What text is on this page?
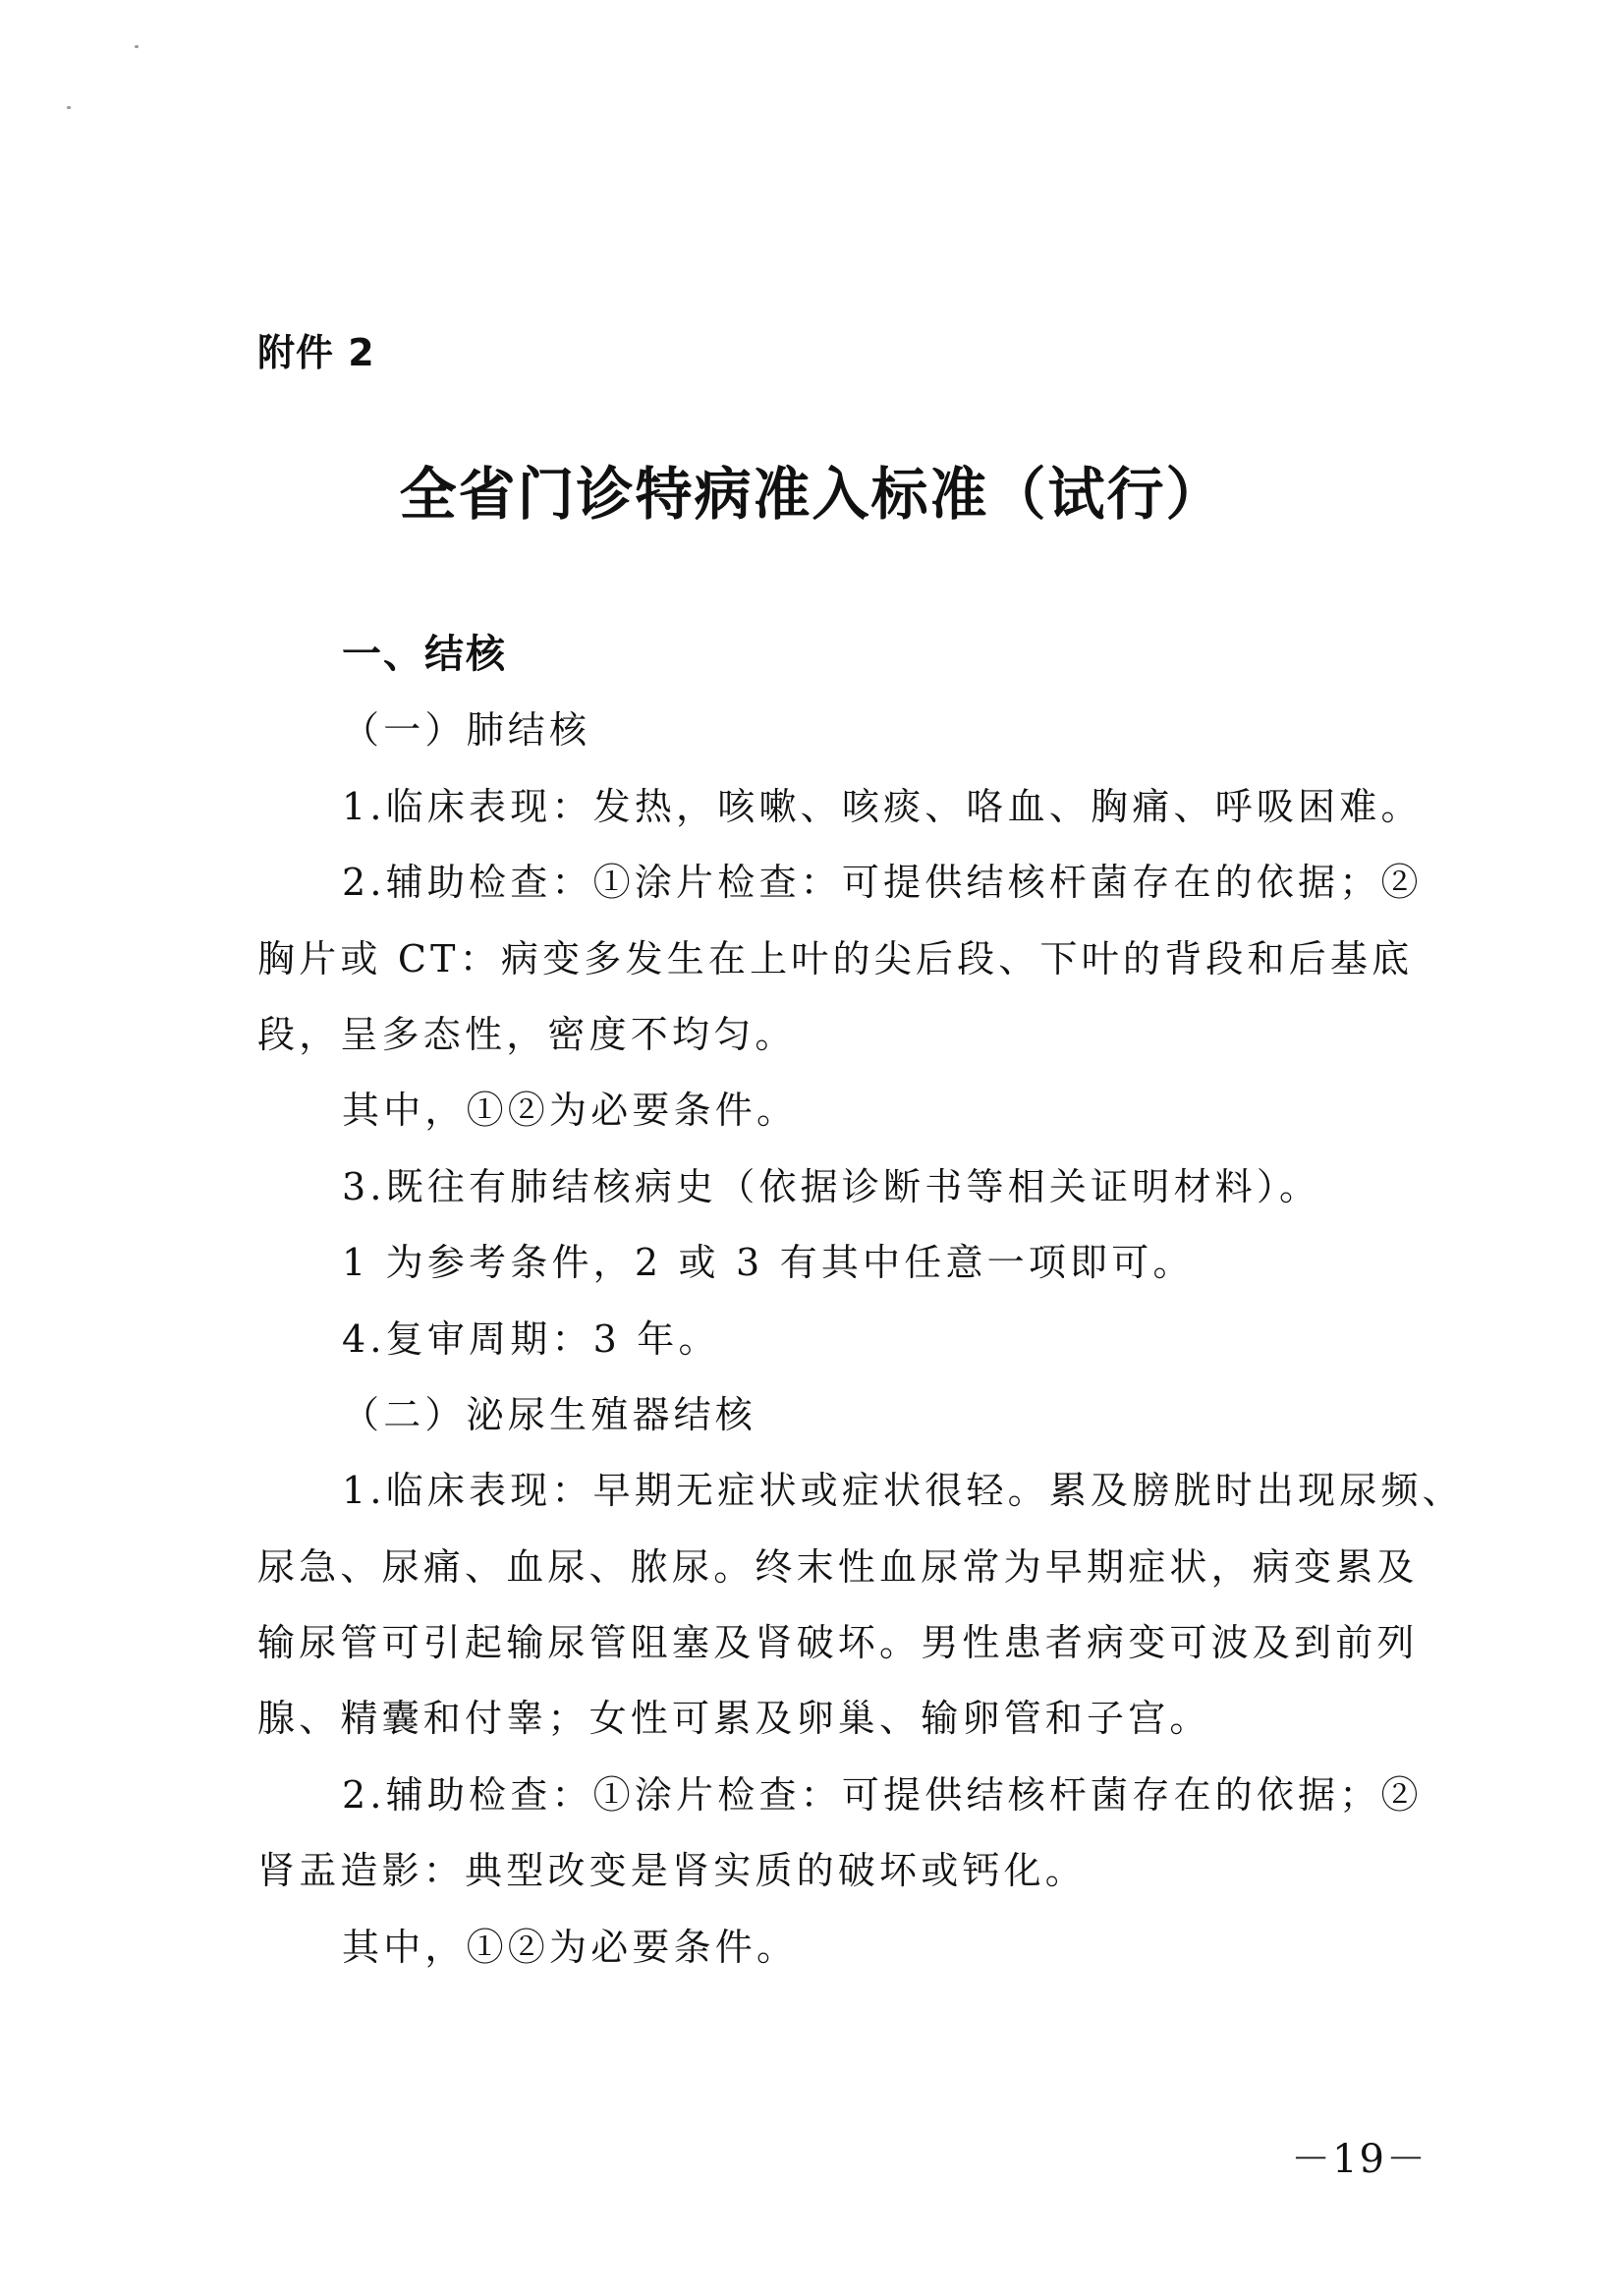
附件 2
全省门诊特病准入标准（试行）
一、结核
（一）肺结核
1.临床表现：发热，咳嗽、咳痰、咯血、胸痛、呼吸困难。
2.辅助检查：①涂片检查：可提供结核杆菌存在的依据；②
胸片或 CT：病变多发生在上叶的尖后段、下叶的背段和后基底
段，呈多态性，密度不均匀。
其中，①②为必要条件。
3.既往有肺结核病史（依据诊断书等相关证明材料）。
1 为参考条件，2 或 3 有其中任意一项即可。
4.复审周期：3 年。
（二）泌尿生殖器结核
1.临床表现：早期无症状或症状很轻。累及膀胱时出现尿频、
尿急、尿痛、血尿、脓尿。终末性血尿常为早期症状，病变累及
输尿管可引起输尿管阻塞及肾破坏。男性患者病变可波及到前列
腺、精囊和付睾；女性可累及卵巢、输卵管和子宫。
2.辅助检查：①涂片检查：可提供结核杆菌存在的依据；②
肾盂造影：典型改变是肾实质的破坏或钙化。
其中，①②为必要条件。
－19－
